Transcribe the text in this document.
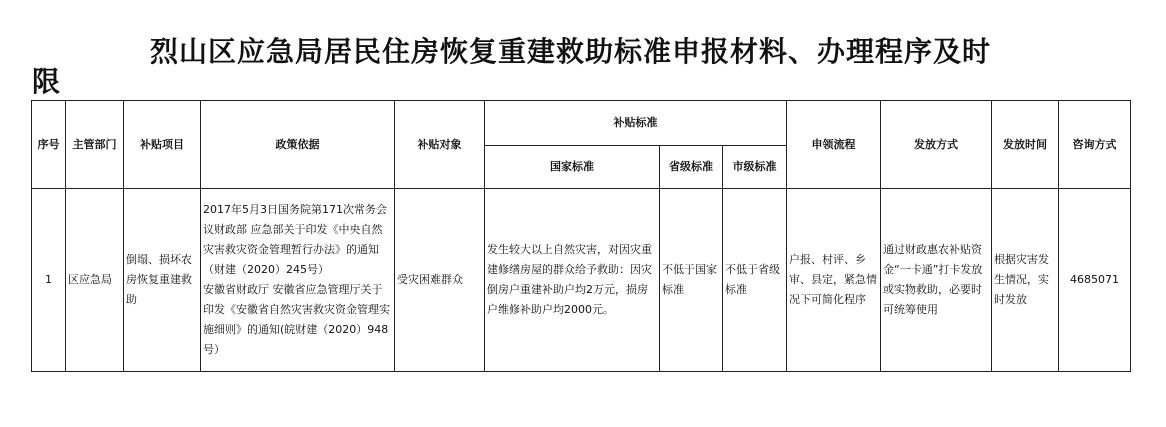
烈山区应急局居民住房恢复重建救助标准申报材料、办理程序及时
限
序号	主管部门	补贴项目	政策依据	补贴对象	补贴标准			申领流程	发放方式	发放时间	咨询方式
					国家标准	省级标准	市级标准				
1	区应急局	倒塌、损坏农房恢复重建救助	2017年5月3日国务院第171次常务会议财政部 应急部关于印发《中央自然灾害救灾资金管理暂行办法》的通知（财建（2020）245号）
安徽省财政厅 安徽省应急管理厅关于印发《安徽省自然灾害救灾资金管理实施细则》的通知(皖财建（2020）948号）	受灾困难群众	发生较大以上自然灾害，对因灾重建修缮房屋的群众给予救助：因灾倒房户重建补助户均2万元，损房户维修补助户均2000元。	不低于国家标准	不低于省级标准	户报、村评、乡审、县定，紧急情况下可简化程序	通过财政惠农补贴资金“一卡通”打卡发放或实物救助，必要时可统筹使用	根据灾害发生情况，实时发放	4685071
